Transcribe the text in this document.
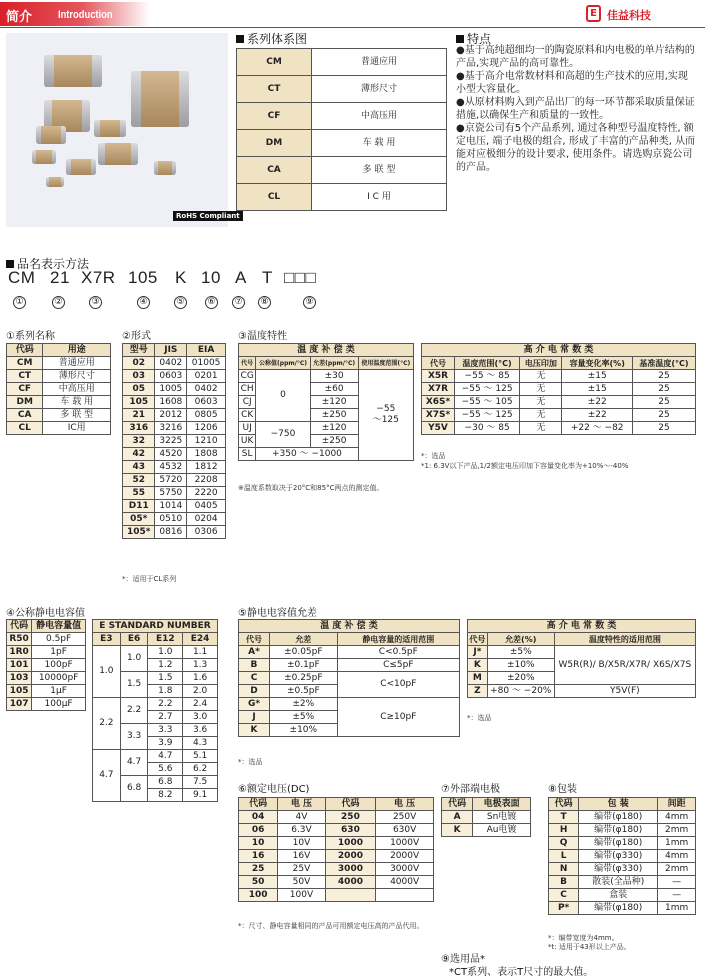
简介 Introduction	E 佳益科技
RoHS Compliant
系列体系图
CM	普通应用
CT	薄形尺寸
CF	中高压用
DM	车 载 用
CA	多 联 型
CL	I C 用
特点

●基于高纯超细均一的陶瓷原料和内电极的单片结构的产品,实现产品的高可靠性。

●基于高介电常数材料和高超的生产技术的应用,实现小型大容量化。

●从原材料购入到产品出厂的每一环节都采取质量保证措施,以确保生产和质量的一致性。

●京瓷公司有5个产品系列, 通过各种型号温度特性, 额定电压, 端子电极的组合, 形成了丰富的产品种类, 从而能对应极细分的设计要求, 使用条件。请选购京瓷公司的产品。

品名表示方法
CM 21 X7R 105 K 10 A T □□□
①	②	③	④	⑤	⑥ ⑦ ⑧	⑨
①系列名称
代码	用途
CM	普通应用
CT	薄形尺寸
CF	中高压用
DM	车 载 用
CA	多 联 型
CL	IC用
②形式
型号	JIS	EIA
02	0402	01005
03	0603	0201
05	1005	0402
105	1608	0603
21	2012	0805
316	3216	1206
32	3225	1210
42	4520	1808
43	4532	1812
52	5720	2208
55	5750	2220
D11	1014	0405
05*	0510	0204
105*	0816	0306
*：适用于CL系列
③温度特性
温 度 补 偿 类			
代号	公称值(ppm/°C)	允差(ppm/°C)	使用温度范围(°C)
CG	0	±30	−55
～125
CH		±60	
CJ		±120	
CK		±250	
UJ	−750	±120	
UK		±250	
SL	+350 ～ −1000		
※温度系数取决于20°C和85°C两点的测定值。
高 介 电 常 数 类				
代号	温度范围(°C)	电压印加	容量变化率(%)	基准温度(°C)
X5R	−55 ～ 85	无	±15	25
X7R	−55 ～ 125	无	±15	25
X6S*	−55 ～ 105	无	±22	25
X7S*	−55 ～ 125	无	±22	25
Y5V	−30 ～ 85	无	+22 ～ −82	25
*：选品
*1: 6.3V以下产品,1/2额定电压印加下容量变化率为+10%～-40%
④公称静电电容值
代码	静电容量值
R50	0.5pF
1R0	1pF
101	100pF
103	10000pF
105	1μF
107	100μF
E STANDARD NUMBER			
E3	E6	E12	E24
1.0	1.0	1.0	1.1
		1.2	1.3
	1.5	1.5	1.6
		1.8	2.0
2.2	2.2	2.2	2.4
		2.7	3.0
	3.3	3.3	3.6
		3.9	4.3
4.7	4.7	4.7	5.1
		5.6	6.2
	6.8	6.8	7.5
		8.2	9.1
⑤静电电容值允差
温 度 补 偿 类		
代号	允差	静电容量的适用范围
A*	±0.05pF	C<0.5pF
B	±0.1pF	C≤5pF
C	±0.25pF	C<10pF
D	±0.5pF	
G*	±2%	C≥10pF
J	±5%	
K	±10%	
*：选品
高 介 电 常 数 类		
代号	允差(%)	温度特性的适用范围
J*	±5%	W5R(R)/ B/X5R/X7R/ X6S/X7S
K	±10%	
M	±20%	
Z	+80 ～ −20%	Y5V(F)
*：选品
⑥额定电压(DC)
代码	电 压	代码	电 压
04	4V	250	250V
06	6.3V	630	630V
10	10V	1000	1000V
16	16V	2000	2000V
25	25V	3000	3000V
50	50V	4000	4000V
100	100V		
*：尺寸、静电容量相同的产品可用额定电压高的产品代用。
⑦外部端电极
代码	电极表面
A	Sn电镀
K	Au电镀
⑧包装
代码	包 装	间距
T	编带(φ180)	4mm
H	编带(φ180)	2mm
Q	编带(φ180)	1mm
L	编带(φ330)	4mm
N	编带(φ330)	2mm
B	散装(全品种)	—
C	盒装	—
P*	编带(φ180)	1mm
*：编带宽度为4mm。
*t: 适用于43形以上产品。
⑨选用品*
*CT系列、表示T尺寸的最大值。
